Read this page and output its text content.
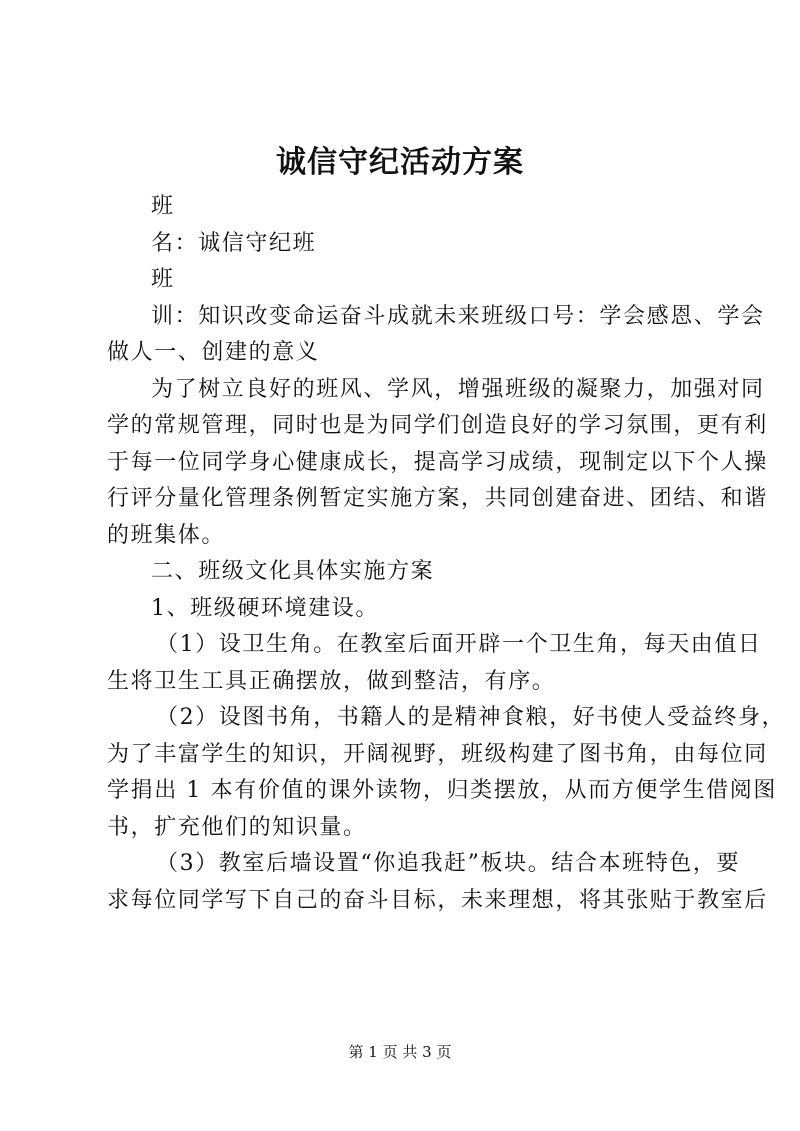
诚信守纪活动方案
班
名：诚信守纪班
班
训：知识改变命运奋斗成就未来班级口号：学会感恩、学会
做人一、创建的意义
为了树立良好的班风、学风，增强班级的凝聚力，加强对同
学的常规管理，同时也是为同学们创造良好的学习氛围，更有利
于每一位同学身心健康成长，提高学习成绩，现制定以下个人操
行评分量化管理条例暂定实施方案，共同创建奋进、团结、和谐
的班集体。
二、班级文化具体实施方案
1、班级硬环境建设。
（1）设卫生角。在教室后面开辟一个卫生角，每天由值日
生将卫生工具正确摆放，做到整洁，有序。
（2）设图书角，书籍人的是精神食粮，好书使人受益终身，
为了丰富学生的知识，开阔视野，班级构建了图书角，由每位同
学捐出 1 本有价值的课外读物，归类摆放，从而方便学生借阅图
书，扩充他们的知识量。
（3）教室后墙设置“你追我赶”板块。结合本班特色，要
求每位同学写下自己的奋斗目标，未来理想，将其张贴于教室后
第 1 页 共 3 页
